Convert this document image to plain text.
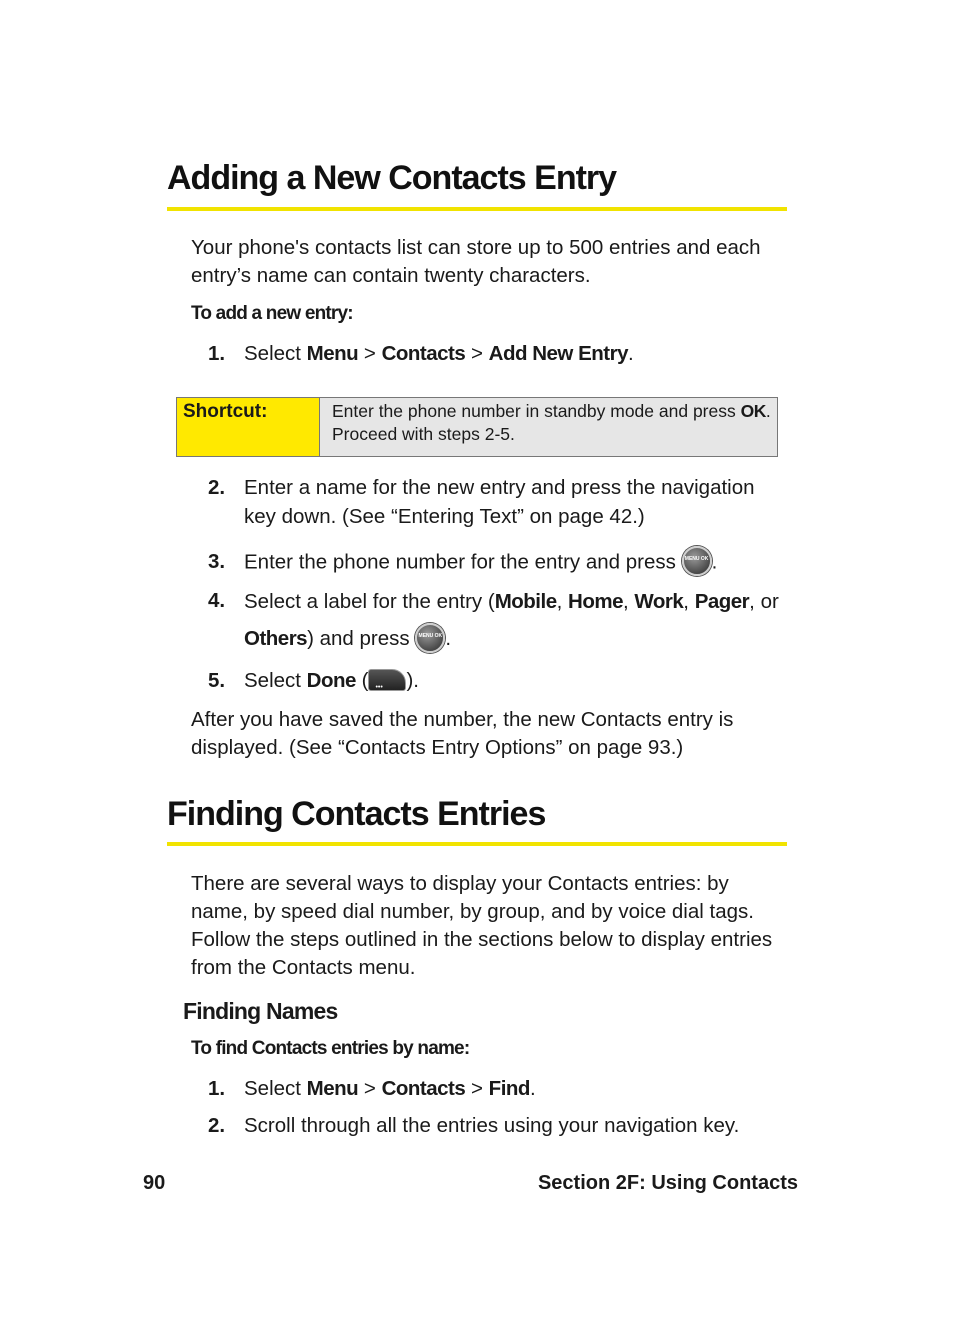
Adding a New Contacts Entry

Your phone's contacts list can store up to 500 entries and each entry’s name can contain twenty characters.

To add a new entry:

1. Select Menu > Contacts > Add New Entry.
Shortcut:	Enter the phone number in standby mode and press OK. Proceed with steps 2-5.
2. Enter a name for the new entry and press the navigation key down. (See “Entering Text” on page 42.)
3. Enter the phone number for the entry and press MENU OK .
4. Select a label for the entry (Mobile, Home, Work, Pager, or Others) and press MENU OK .
5. Select Done (••• ).

After you have saved the number, the new Contacts entry is displayed. (See “Contacts Entry Options” on page 93.)

Finding Contacts Entries

There are several ways to display your Contacts entries: by name, by speed dial number, by group, and by voice dial tags. Follow the steps outlined in the sections below to display entries from the Contacts menu.

Finding Names

To find Contacts entries by name:

1. Select Menu > Contacts > Find.
2. Scroll through all the entries using your navigation key.
90	Section 2F: Using Contacts
